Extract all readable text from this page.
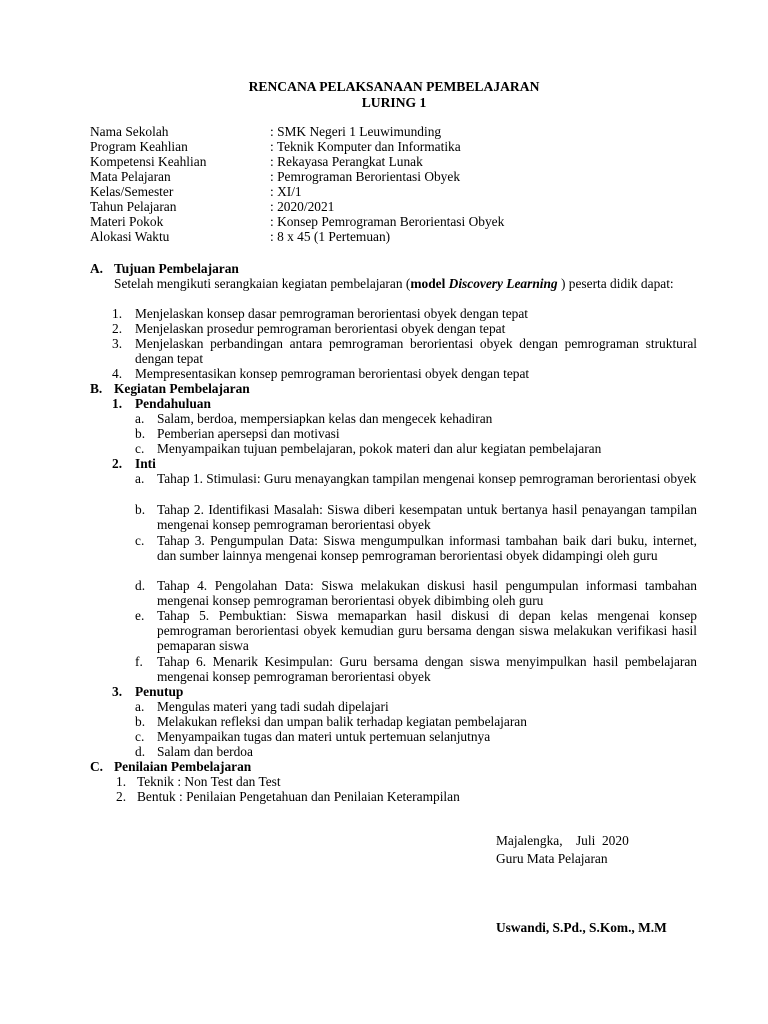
RENCANA PELAKSANAAN PEMBELAJARAN
LURING 1
Nama Sekolah	: SMK Negeri 1 Leuwimunding
Program Keahlian	: Teknik Komputer dan Informatika
Kompetensi Keahlian	: Rekayasa Perangkat Lunak
Mata Pelajaran	: Pemrograman Berorientasi Obyek
Kelas/Semester	: XI/1
Tahun Pelajaran	: 2020/2021
Materi Pokok	: Konsep Pemrograman Berorientasi Obyek
Alokasi Waktu	: 8 x 45 (1 Pertemuan)
A. Tujuan Pembelajaran
Setelah mengikuti serangkaian kegiatan pembelajaran (model Discovery Learning ) peserta didik dapat:
1. Menjelaskan konsep dasar pemrograman berorientasi obyek dengan tepat
2. Menjelaskan prosedur pemrograman berorientasi obyek dengan tepat
3. Menjelaskan perbandingan antara pemrograman berorientasi obyek dengan pemrograman struktural dengan tepat
4. Mempresentasikan konsep pemrograman berorientasi obyek dengan tepat
B. Kegiatan Pembelajaran
1. Pendahuluan
a. Salam, berdoa, mempersiapkan kelas dan mengecek kehadiran
b. Pemberian apersepsi dan motivasi
c. Menyampaikan tujuan pembelajaran, pokok materi dan alur kegiatan pembelajaran
2. Inti
a. Tahap 1. Stimulasi: Guru menayangkan tampilan mengenai konsep pemrograman berorientasi obyek
b. Tahap 2. Identifikasi Masalah: Siswa diberi kesempatan untuk bertanya hasil penayangan tampilan mengenai konsep pemrograman berorientasi obyek
c. Tahap 3. Pengumpulan Data: Siswa mengumpulkan informasi tambahan baik dari buku, internet, dan sumber lainnya mengenai konsep pemrograman berorientasi obyek didampingi oleh guru
d. Tahap 4. Pengolahan Data: Siswa melakukan diskusi hasil pengumpulan informasi tambahan mengenai konsep pemrograman berorientasi obyek dibimbing oleh guru
e. Tahap 5. Pembuktian: Siswa memaparkan hasil diskusi di depan kelas mengenai konsep pemrograman berorientasi obyek kemudian guru bersama dengan siswa melakukan verifikasi hasil pemaparan siswa
f. Tahap 6. Menarik Kesimpulan: Guru bersama dengan siswa menyimpulkan hasil pembelajaran mengenai konsep pemrograman berorientasi obyek
3. Penutup
a. Mengulas materi yang tadi sudah dipelajari
b. Melakukan refleksi dan umpan balik terhadap kegiatan pembelajaran
c. Menyampaikan tugas dan materi untuk pertemuan selanjutnya
d. Salam dan berdoa
C. Penilaian Pembelajaran
1. Teknik : Non Test dan Test
2. Bentuk : Penilaian Pengetahuan dan Penilaian Keterampilan
Majalengka,    Juli  2020
Guru Mata Pelajaran
Uswandi, S.Pd., S.Kom., M.M
